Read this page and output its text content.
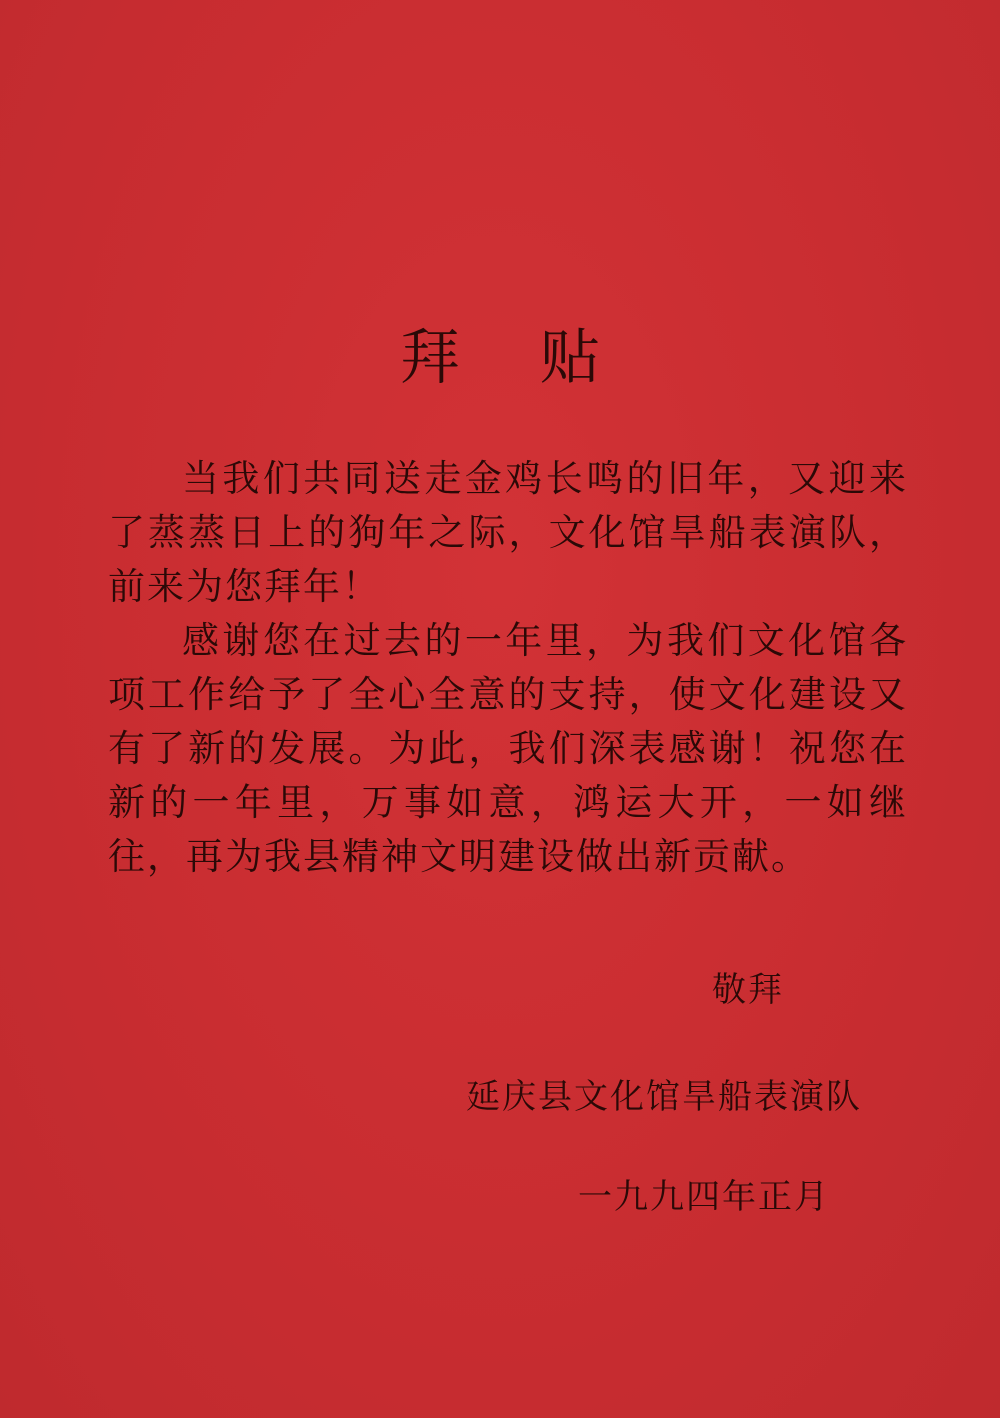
拜贴

当我们共同送走金鸡长鸣的旧年，又迎来了蒸蒸日上的狗年之际，文化馆旱船表演队，前来为您拜年！

感谢您在过去的一年里，为我们文化馆各项工作给予了全心全意的支持，使文化建设又有了新的发展。为此，我们深表感谢！祝您在新的一年里，万事如意，鸿运大开，一如继往，再为我县精神文明建设做出新贡献。

敬拜
延庆县文化馆旱船表演队
一九九四年正月
